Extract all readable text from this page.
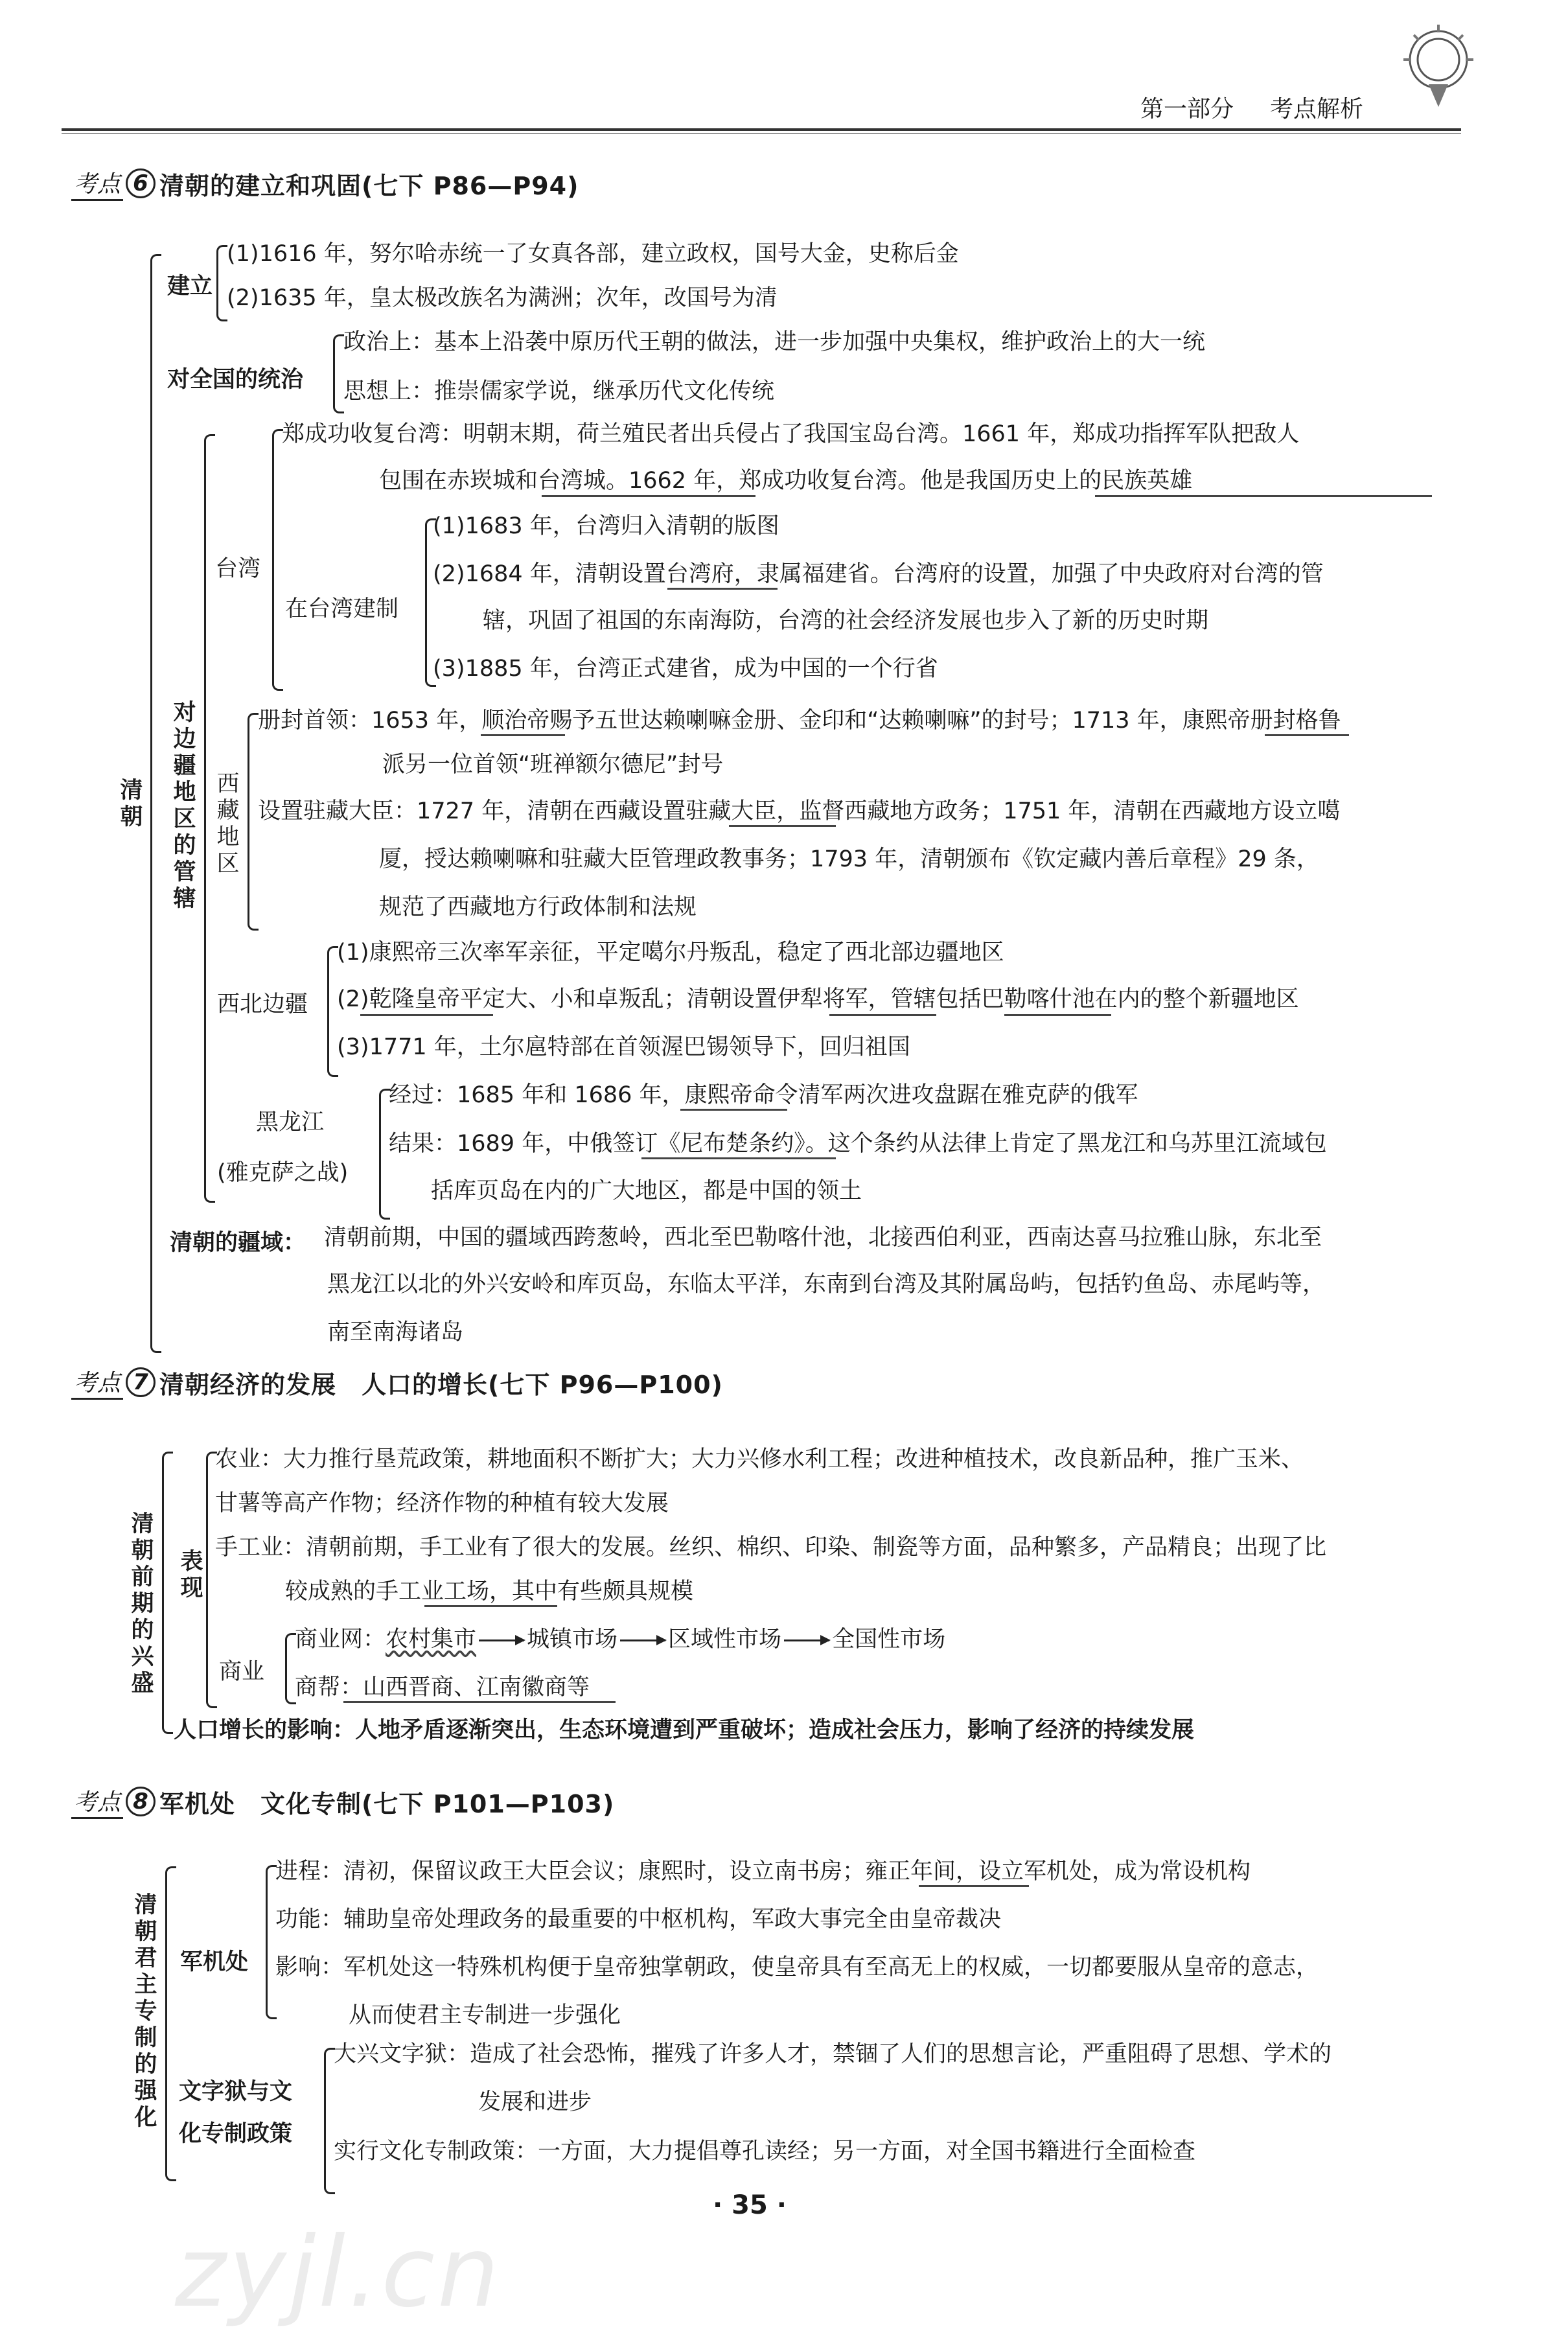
第一部分 考点解析
考点 6 清朝的建立和巩固(七下 P86—P94)
清朝
建立
(1)1616 年，努尔哈赤统一了女真各部，建立政权，国号大金，史称后金
(2)1635 年，皇太极改族名为满洲；次年，改国号为清
对全国的统治
政治上：基本上沿袭中原历代王朝的做法，进一步加强中央集权，维护政治上的大一统
思想上：推崇儒家学说，继承历代文化传统
对边疆地区的管辖
台湾
郑成功收复台湾：明朝末期，荷兰殖民者出兵侵占了我国宝岛台湾。1661 年，郑成功指挥军队把敌人
包围在赤崁城和台湾城。1662 年，郑成功收复台湾。他是我国历史上的民族英雄
在台湾建制
(1)1683 年，台湾归入清朝的版图
(2)1684 年，清朝设置台湾府，隶属福建省。台湾府的设置，加强了中央政府对台湾的管
辖，巩固了祖国的东南海防，台湾的社会经济发展也步入了新的历史时期
(3)1885 年，台湾正式建省，成为中国的一个行省
西藏地区
册封首领：1653 年，顺治帝赐予五世达赖喇嘛金册、金印和“达赖喇嘛”的封号；1713 年，康熙帝册封格鲁
派另一位首领“班禅额尔德尼”封号
设置驻藏大臣：1727 年，清朝在西藏设置驻藏大臣，监督西藏地方政务；1751 年，清朝在西藏地方设立噶
厦，授达赖喇嘛和驻藏大臣管理政教事务；1793 年，清朝颁布《钦定藏内善后章程》29 条，
规范了西藏地方行政体制和法规
西北边疆
(1)康熙帝三次率军亲征，平定噶尔丹叛乱，稳定了西北部边疆地区
(2)乾隆皇帝平定大、小和卓叛乱；清朝设置伊犁将军，管辖包括巴勒喀什池在内的整个新疆地区
(3)1771 年，土尔扈特部在首领渥巴锡领导下，回归祖国
黑龙江
(雅克萨之战)
经过：1685 年和 1686 年，康熙帝命令清军两次进攻盘踞在雅克萨的俄军
结果：1689 年，中俄签订《尼布楚条约》。这个条约从法律上肯定了黑龙江和乌苏里江流域包
括库页岛在内的广大地区，都是中国的领土
清朝的疆域： 清朝前期，中国的疆域西跨葱岭，西北至巴勒喀什池，北接西伯利亚，西南达喜马拉雅山脉，东北至
黑龙江以北的外兴安岭和库页岛，东临太平洋，东南到台湾及其附属岛屿，包括钓鱼岛、赤尾屿等，
南至南海诸岛
考点 7 清朝经济的发展　人口的增长(七下 P96—P100)
清朝前期的兴盛
表现
农业：大力推行垦荒政策，耕地面积不断扩大；大力兴修水利工程；改进种植技术，改良新品种，推广玉米、
甘薯等高产作物；经济作物的种植有较大发展
手工业：清朝前期，手工业有了很大的发展。丝织、棉织、印染、制瓷等方面，品种繁多，产品精良；出现了比
较成熟的手工业工场，其中有些颇具规模
商业
商业网：农村集市 城镇市场 区域性市场 全国性市场
商帮：山西晋商、江南徽商等
人口增长的影响：人地矛盾逐渐突出，生态环境遭到严重破坏；造成社会压力，影响了经济的持续发展
考点 8 军机处　文化专制(七下 P101—P103)
清朝君主专制的强化
军机处
进程：清初，保留议政王大臣会议；康熙时，设立南书房；雍正年间，设立军机处，成为常设机构
功能：辅助皇帝处理政务的最重要的中枢机构，军政大事完全由皇帝裁决
影响：军机处这一特殊机构便于皇帝独掌朝政，使皇帝具有至高无上的权威，一切都要服从皇帝的意志，
从而使君主专制进一步强化
文字狱与文
化专制政策
大兴文字狱：造成了社会恐怖，摧残了许多人才，禁锢了人们的思想言论，严重阻碍了思想、学术的
发展和进步
实行文化专制政策：一方面，大力提倡尊孔读经；另一方面，对全国书籍进行全面检查
· 35 ·
zyjl.cn
